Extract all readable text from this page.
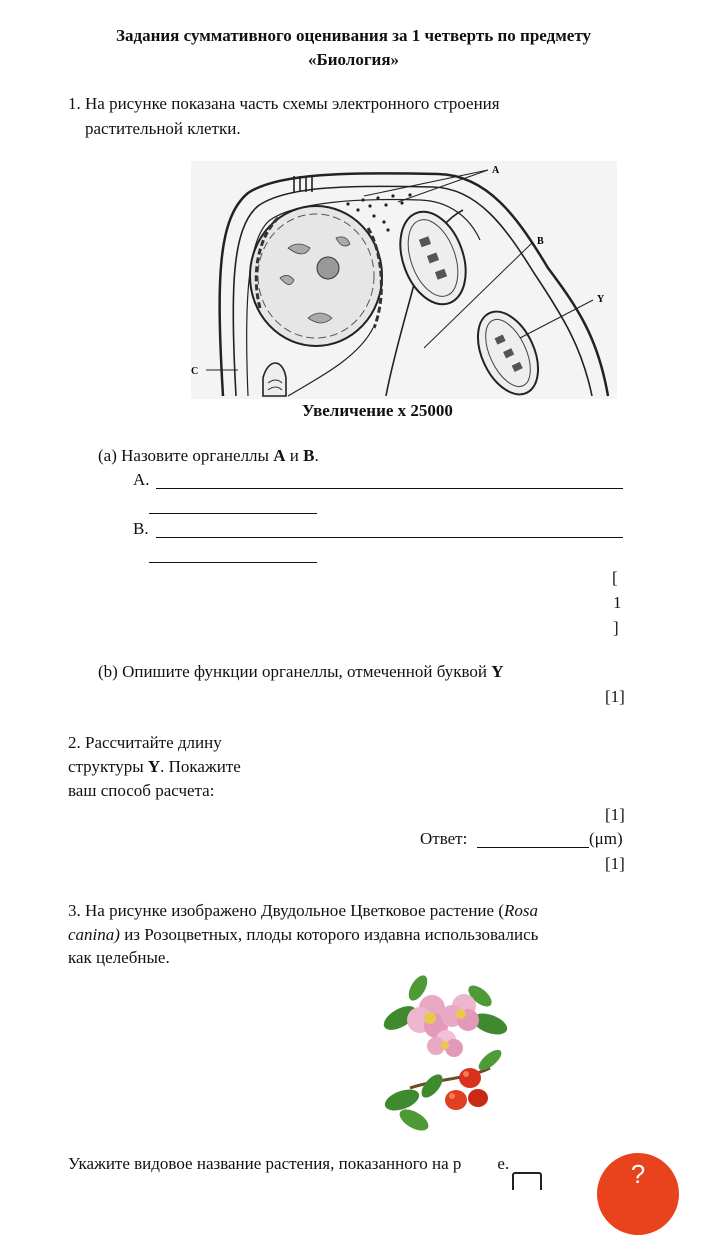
Задания суммативного оценивания за 1 четверть по предмету
«Биология»
1. На рисунке показана часть схемы электронного строения
растительной клетки.
A
B
Y
C
Увеличение х 25000
(а) Назовите органеллы A и B.
A.
B.
[
1
]
(b) Опишите функции органеллы, отмеченной буквой Y
[1]
2. Рассчитайте длину
структуры Y. Покажите
ваш способ расчета:
[1]
Ответ:	(μm)
[1]
3. На рисунке изображено Двудольное Цветковое растение (Rosa
canina) из Розоцветных, плоды которого издавна использовались
как целебные.
Укажите видовое название растения, показанного на р е.	?
